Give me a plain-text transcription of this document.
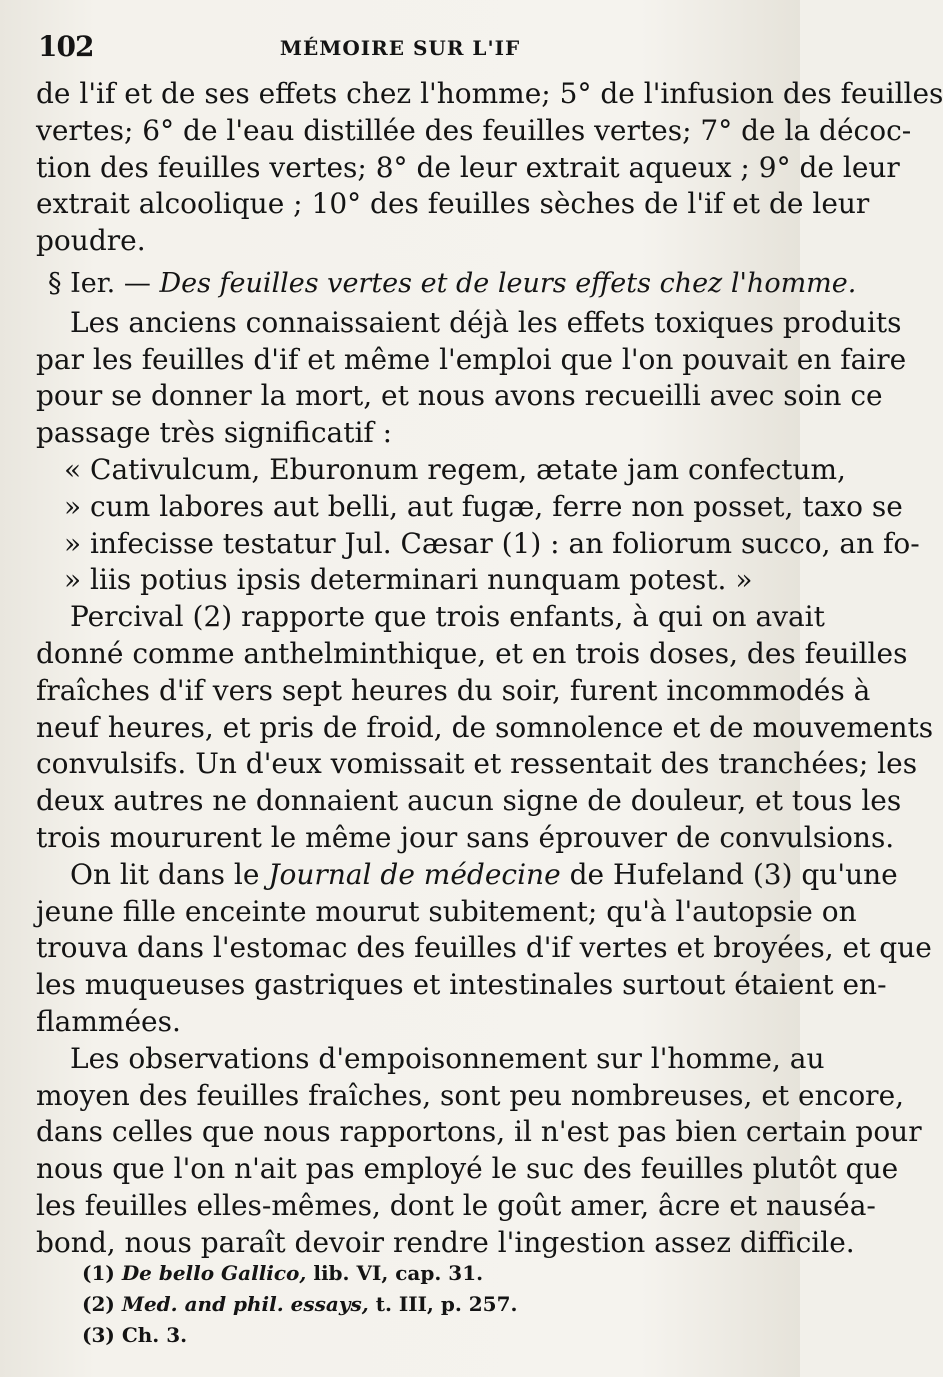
102	MÉMOIRE SUR L'IF
de l'if et de ses effets chez l'homme; 5° de l'infusion des feuilles
vertes; 6° de l'eau distillée des feuilles vertes; 7° de la décoc-
tion des feuilles vertes; 8° de leur extrait aqueux ; 9° de leur
extrait alcoolique ; 10° des feuilles sèches de l'if et de leur
poudre.
§ Ier. — Des feuilles vertes et de leurs effets chez l'homme.
Les anciens connaissaient déjà les effets toxiques produits
par les feuilles d'if et même l'emploi que l'on pouvait en faire
pour se donner la mort, et nous avons recueilli avec soin ce
passage très significatif :
« Cativulcum, Eburonum regem, ætate jam confectum,
» cum labores aut belli, aut fugæ, ferre non posset, taxo se
» infecisse testatur Jul. Cæsar (1) : an foliorum succo, an fo-
» liis potius ipsis determinari nunquam potest. »
Percival (2) rapporte que trois enfants, à qui on avait
donné comme anthelminthique, et en trois doses, des feuilles
fraîches d'if vers sept heures du soir, furent incommodés à
neuf heures, et pris de froid, de somnolence et de mouvements
convulsifs. Un d'eux vomissait et ressentait des tranchées; les
deux autres ne donnaient aucun signe de douleur, et tous les
trois moururent le même jour sans éprouver de convulsions.
On lit dans le Journal de médecine de Hufeland (3) qu'une
jeune fille enceinte mourut subitement; qu'à l'autopsie on
trouva dans l'estomac des feuilles d'if vertes et broyées, et que
les muqueuses gastriques et intestinales surtout étaient en-
flammées.
Les observations d'empoisonnement sur l'homme, au
moyen des feuilles fraîches, sont peu nombreuses, et encore,
dans celles que nous rapportons, il n'est pas bien certain pour
nous que l'on n'ait pas employé le suc des feuilles plutôt que
les feuilles elles-mêmes, dont le goût amer, âcre et nauséa-
bond, nous paraît devoir rendre l'ingestion assez difficile.
(1) De bello Gallico, lib. VI, cap. 31.
(2) Med. and phil. essays, t. III, p. 257.
(3) Ch. 3.
